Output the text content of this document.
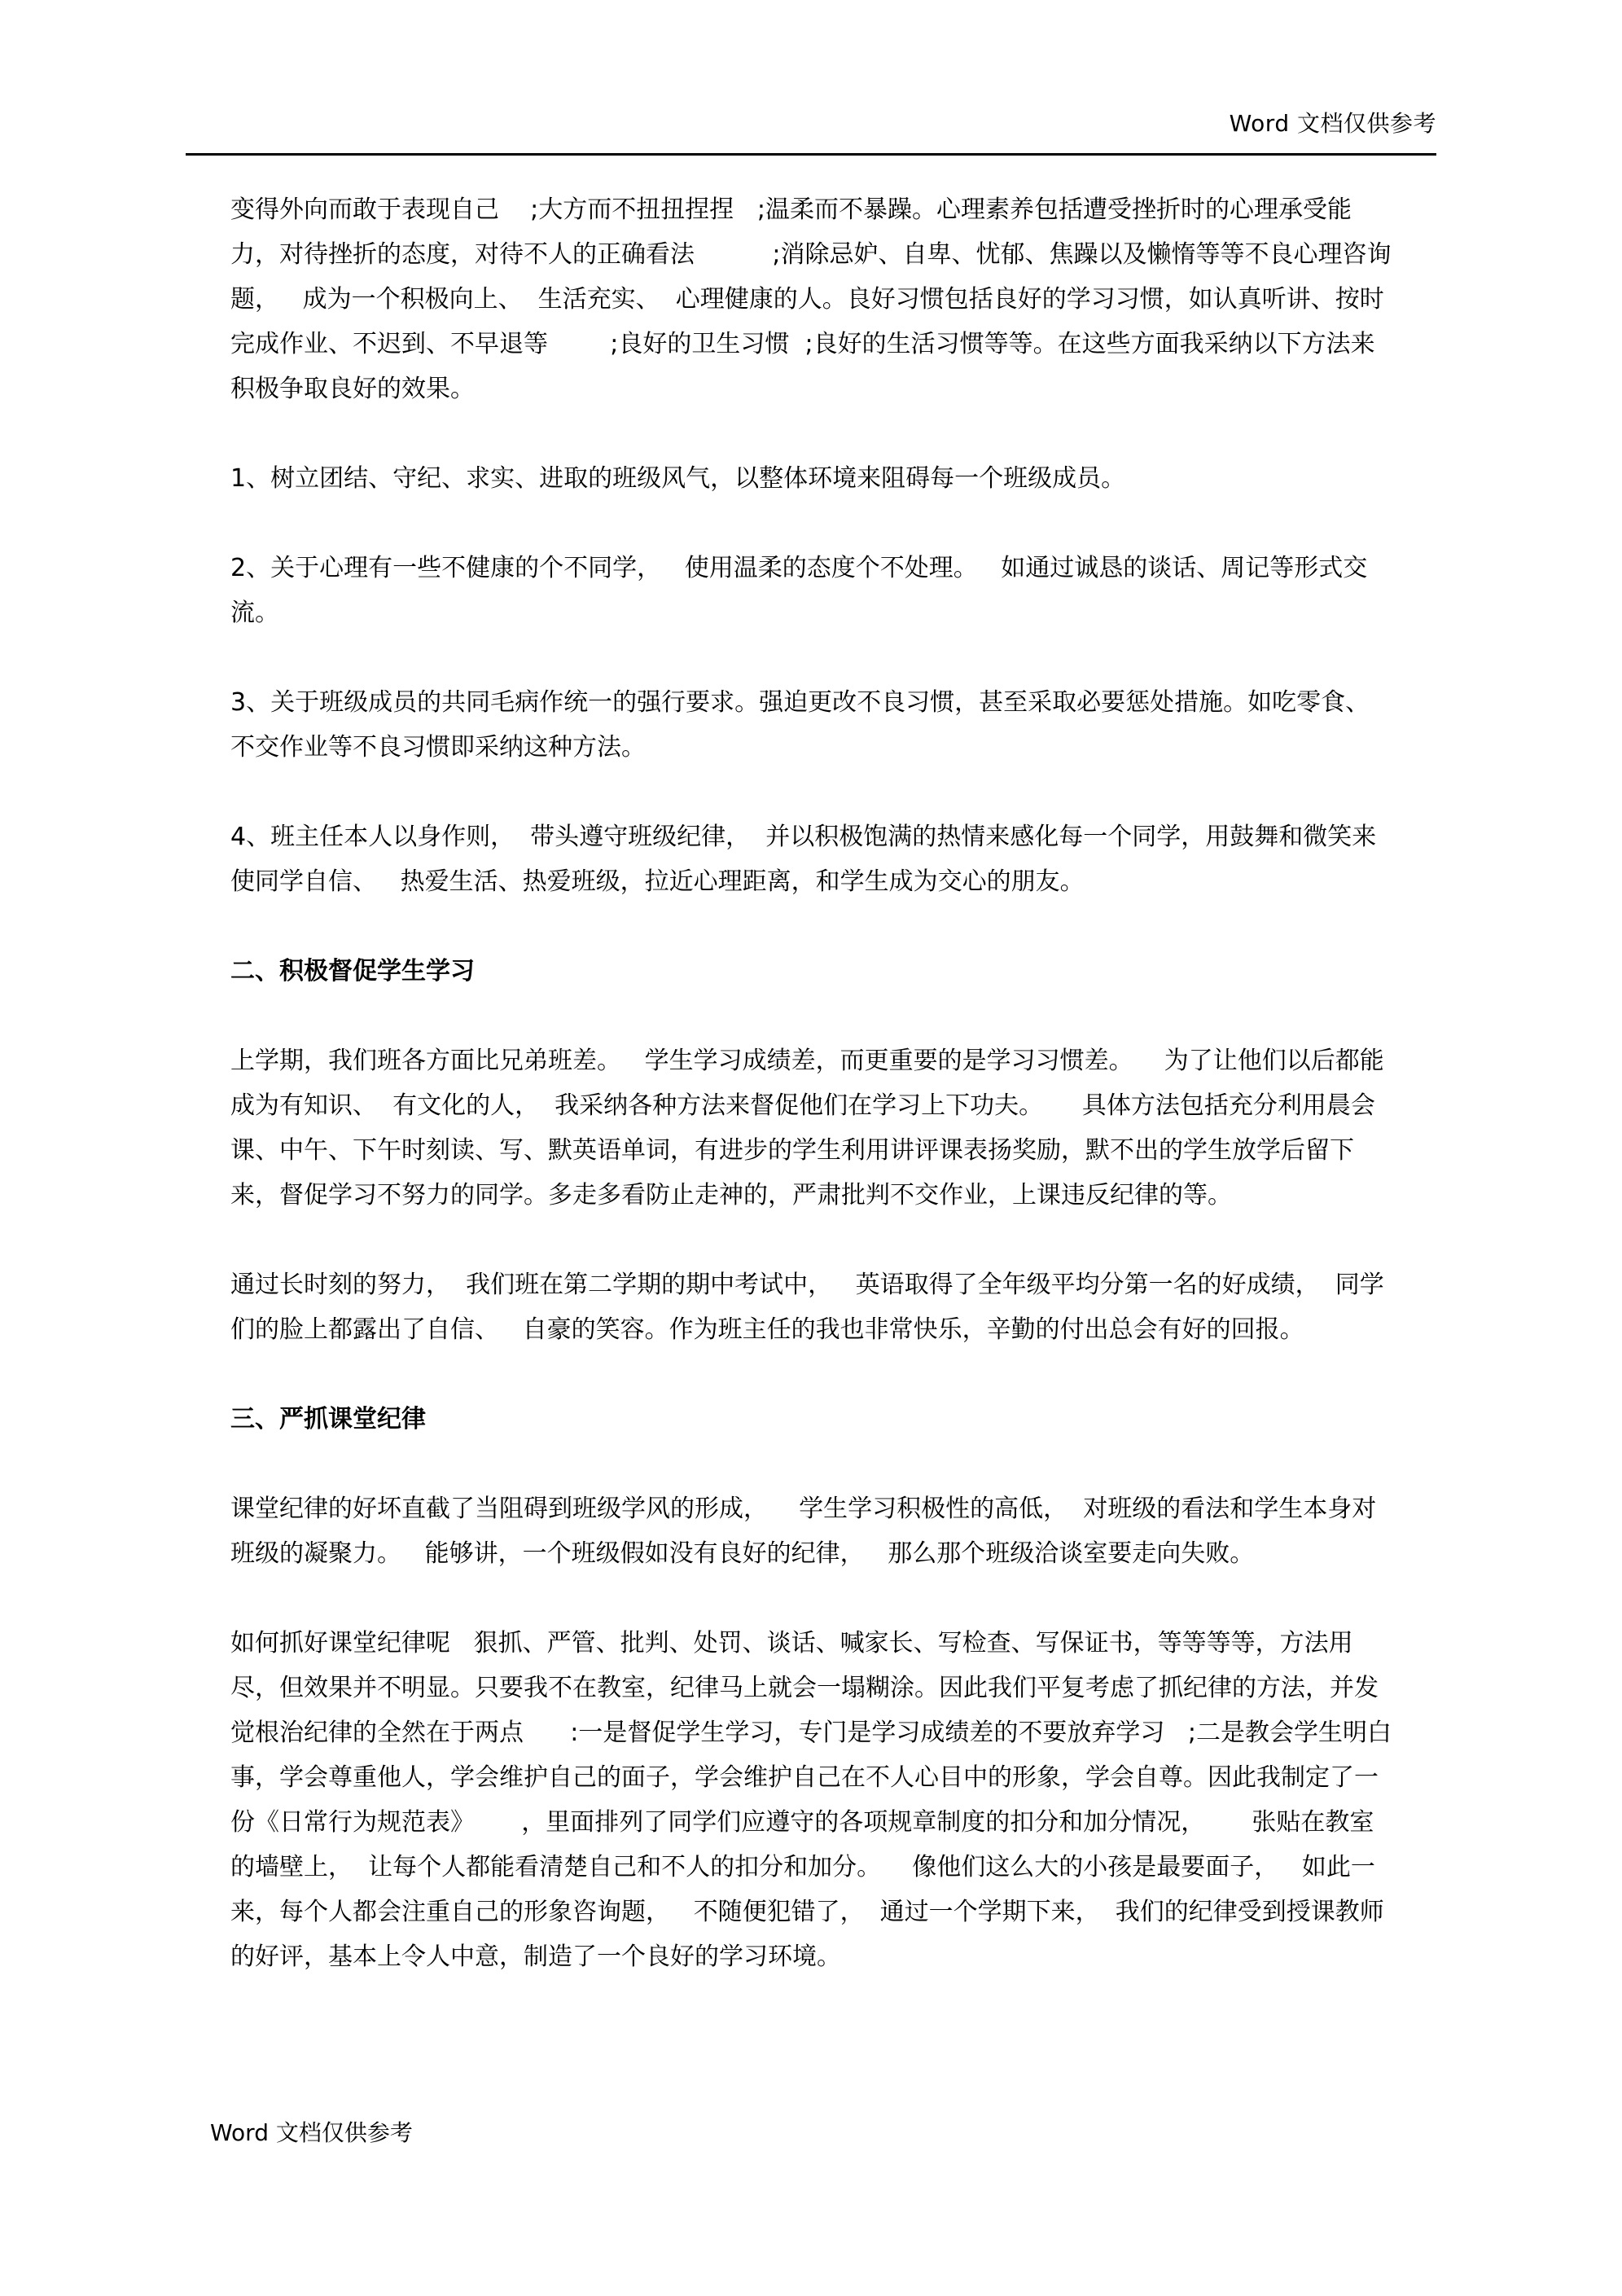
Word 文档仅供参考
变得外向而敢于表现自己    ;大方而不扭扭捏捏   ;温柔而不暴躁。心理素养包括遭受挫折时的心理承受能力，对待挫折的态度，对待不人的正确看法          ;消除忌妒、自卑、忧郁、焦躁以及懒惰等等不良心理咨询题，   成为一个积极向上、  生活充实、  心理健康的人。良好习惯包括良好的学习习惯，如认真听讲、按时完成作业、不迟到、不早退等        ;良好的卫生习惯  ;良好的生活习惯等等。在这些方面我采纳以下方法来积极争取良好的效果。
1、树立团结、守纪、求实、进取的班级风气，以整体环境来阻碍每一个班级成员。
2、关于心理有一些不健康的个不同学，   使用温柔的态度个不处理。   如通过诚恳的谈话、周记等形式交流。
3、关于班级成员的共同毛病作统一的强行要求。强迫更改不良习惯，甚至采取必要惩处措施。如吃零食、不交作业等不良习惯即采纳这种方法。
4、班主任本人以身作则，  带头遵守班级纪律，  并以积极饱满的热情来感化每一个同学，用鼓舞和微笑来使同学自信、   热爱生活、热爱班级，拉近心理距离，和学生成为交心的朋友。
二、积极督促学生学习
上学期，我们班各方面比兄弟班差。   学生学习成绩差，而更重要的是学习习惯差。    为了让他们以后都能成为有知识、  有文化的人，  我采纳各种方法来督促他们在学习上下功夫。     具体方法包括充分利用晨会课、中午、下午时刻读、写、默英语单词，有进步的学生利用讲评课表扬奖励，默不出的学生放学后留下来，督促学习不努力的同学。多走多看防止走神的，严肃批判不交作业，上课违反纪律的等。
通过长时刻的努力，  我们班在第二学期的期中考试中，   英语取得了全年级平均分第一名的好成绩，  同学们的脸上都露出了自信、   自豪的笑容。作为班主任的我也非常快乐，辛勤的付出总会有好的回报。
三、严抓课堂纪律
课堂纪律的好坏直截了当阻碍到班级学风的形成，    学生学习积极性的高低，  对班级的看法和学生本身对班级的凝聚力。   能够讲，一个班级假如没有良好的纪律，   那么那个班级洽谈室要走向失败。
如何抓好课堂纪律呢   狠抓、严管、批判、处罚、谈话、喊家长、写检查、写保证书，等等等等，方法用尽，但效果并不明显。只要我不在教室，纪律马上就会一塌糊涂。因此我们平复考虑了抓纪律的方法，并发觉根治纪律的全然在于两点      :一是督促学生学习，专门是学习成绩差的不要放弃学习   ;二是教会学生明白事，学会尊重他人，学会维护自己的面子，学会维护自己在不人心目中的形象，学会自尊。因此我制定了一份《日常行为规范表》      ，里面排列了同学们应遵守的各项规章制度的扣分和加分情况，      张贴在教室的墙壁上，  让每个人都能看清楚自己和不人的扣分和加分。    像他们这么大的小孩是最要面子，   如此一来，每个人都会注重自己的形象咨询题，   不随便犯错了，  通过一个学期下来，  我们的纪律受到授课教师的好评，基本上令人中意，制造了一个良好的学习环境。
Word 文档仅供参考
